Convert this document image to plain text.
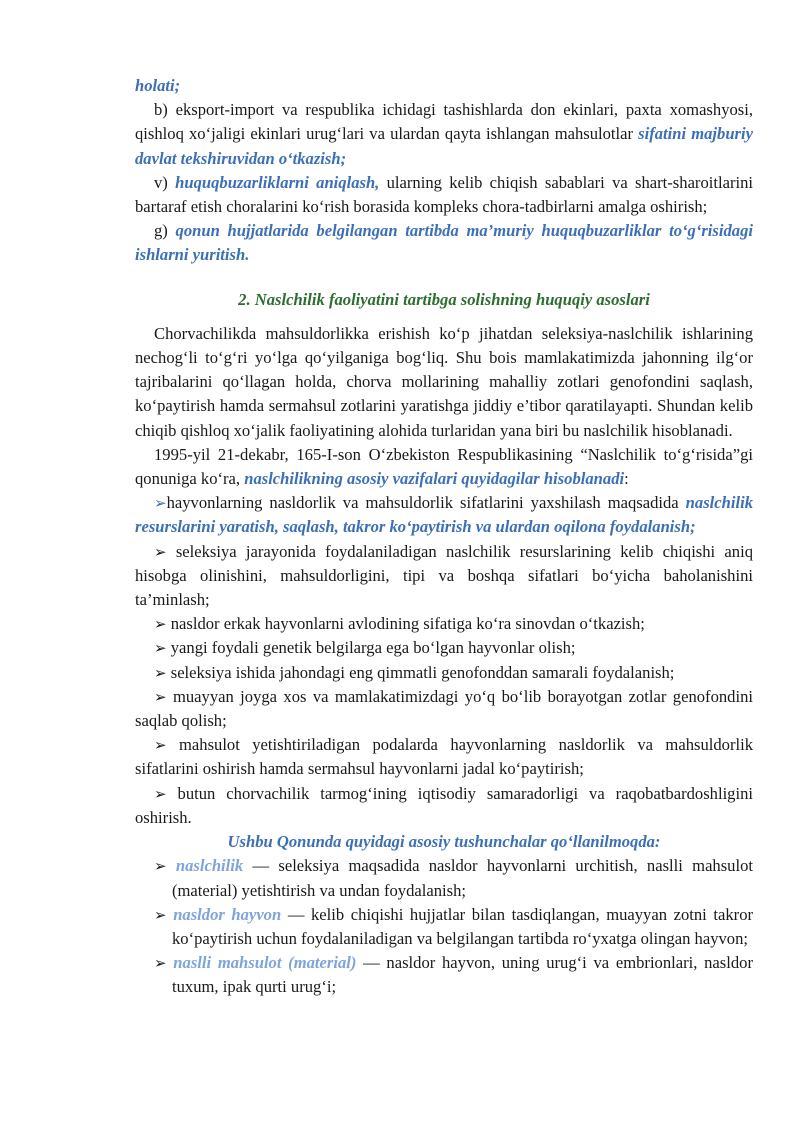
holati;

b) eksport-import va respublika ichidagi tashishlarda don ekinlari, paxta xomashyosi, qishloq xo‘jaligi ekinlari urug‘lari va ulardan qayta ishlangan mahsulotlar sifatini majburiy davlat tekshiruvidan o‘tkazish;

v) huquqbuzarliklarni aniqlash, ularning kelib chiqish sabablari va shart-sharoitlarini bartaraf etish choralarini ko‘rish borasida kompleks chora-tadbirlarni amalga oshirish;

g) qonun hujjatlarida belgilangan tartibda ma’muriy huquqbuzarliklar to‘g‘risidagi ishlarni yuritish.

2. Naslchilik faoliyatini tartibga solishning huquqiy asoslari

Chorvachilikda mahsuldorlikka erishish ko‘p jihatdan seleksiya-naslchilik ishlarining nechog‘li to‘g‘ri yo‘lga qo‘yilganiga bog‘liq. Shu bois mamlakatimizda jahonning ilg‘or tajribalarini qo‘llagan holda, chorva mollarining mahalliy zotlari genofondini saqlash, ko‘paytirish hamda sermahsul zotlarini yaratishga jiddiy e’tibor qaratilayapti. Shundan kelib chiqib qishloq xo‘jalik faoliyatining alohida turlaridan yana biri bu naslchilik hisoblanadi.

1995-yil 21-dekabr, 165-I-son O‘zbekiston Respublikasining “Naslchilik to‘g‘risida”gi qonuniga ko‘ra, naslchilikning asosiy vazifalari quyidagilar hisoblanadi:

➢hayvonlarning nasldorlik va mahsuldorlik sifatlarini yaxshilash maqsadida naslchilik resurslarini yaratish, saqlash, takror ko‘paytirish va ulardan oqilona foydalanish;

➢ seleksiya jarayonida foydalaniladigan naslchilik resurslarining kelib chiqishi aniq hisobga olinishini, mahsuldorligini, tipi va boshqa sifatlari bo‘yicha baholanishini ta’minlash;

➢ nasldor erkak hayvonlarni avlodining sifatiga ko‘ra sinovdan o‘tkazish;

➢ yangi foydali genetik belgilarga ega bo‘lgan hayvonlar olish;

➢ seleksiya ishida jahondagi eng qimmatli genofonddan samarali foydalanish;

➢ muayyan joyga xos va mamlakatimizdagi yo‘q bo‘lib borayotgan zotlar genofondini saqlab qolish;

➢ mahsulot yetishtiriladigan podalarda hayvonlarning nasldorlik va mahsuldorlik sifatlarini oshirish hamda sermahsul hayvonlarni jadal ko‘paytirish;

➢ butun chorvachilik tarmog‘ining iqtisodiy samaradorligi va raqobatbardoshligini oshirish.

Ushbu Qonunda quyidagi asosiy tushunchalar qo‘llanilmoqda:

➢ naslchilik — seleksiya maqsadida nasldor hayvonlarni urchitish, naslli mahsulot (material) yetishtirish va undan foydalanish;

➢ nasldor hayvon — kelib chiqishi hujjatlar bilan tasdiqlangan, muayyan zotni takror ko‘paytirish uchun foydalaniladigan va belgilangan tartibda ro‘yxatga olingan hayvon;

➢ naslli mahsulot (material) — nasldor hayvon, uning urug‘i va embrionlari, nasldor tuxum, ipak qurti urug‘i;
